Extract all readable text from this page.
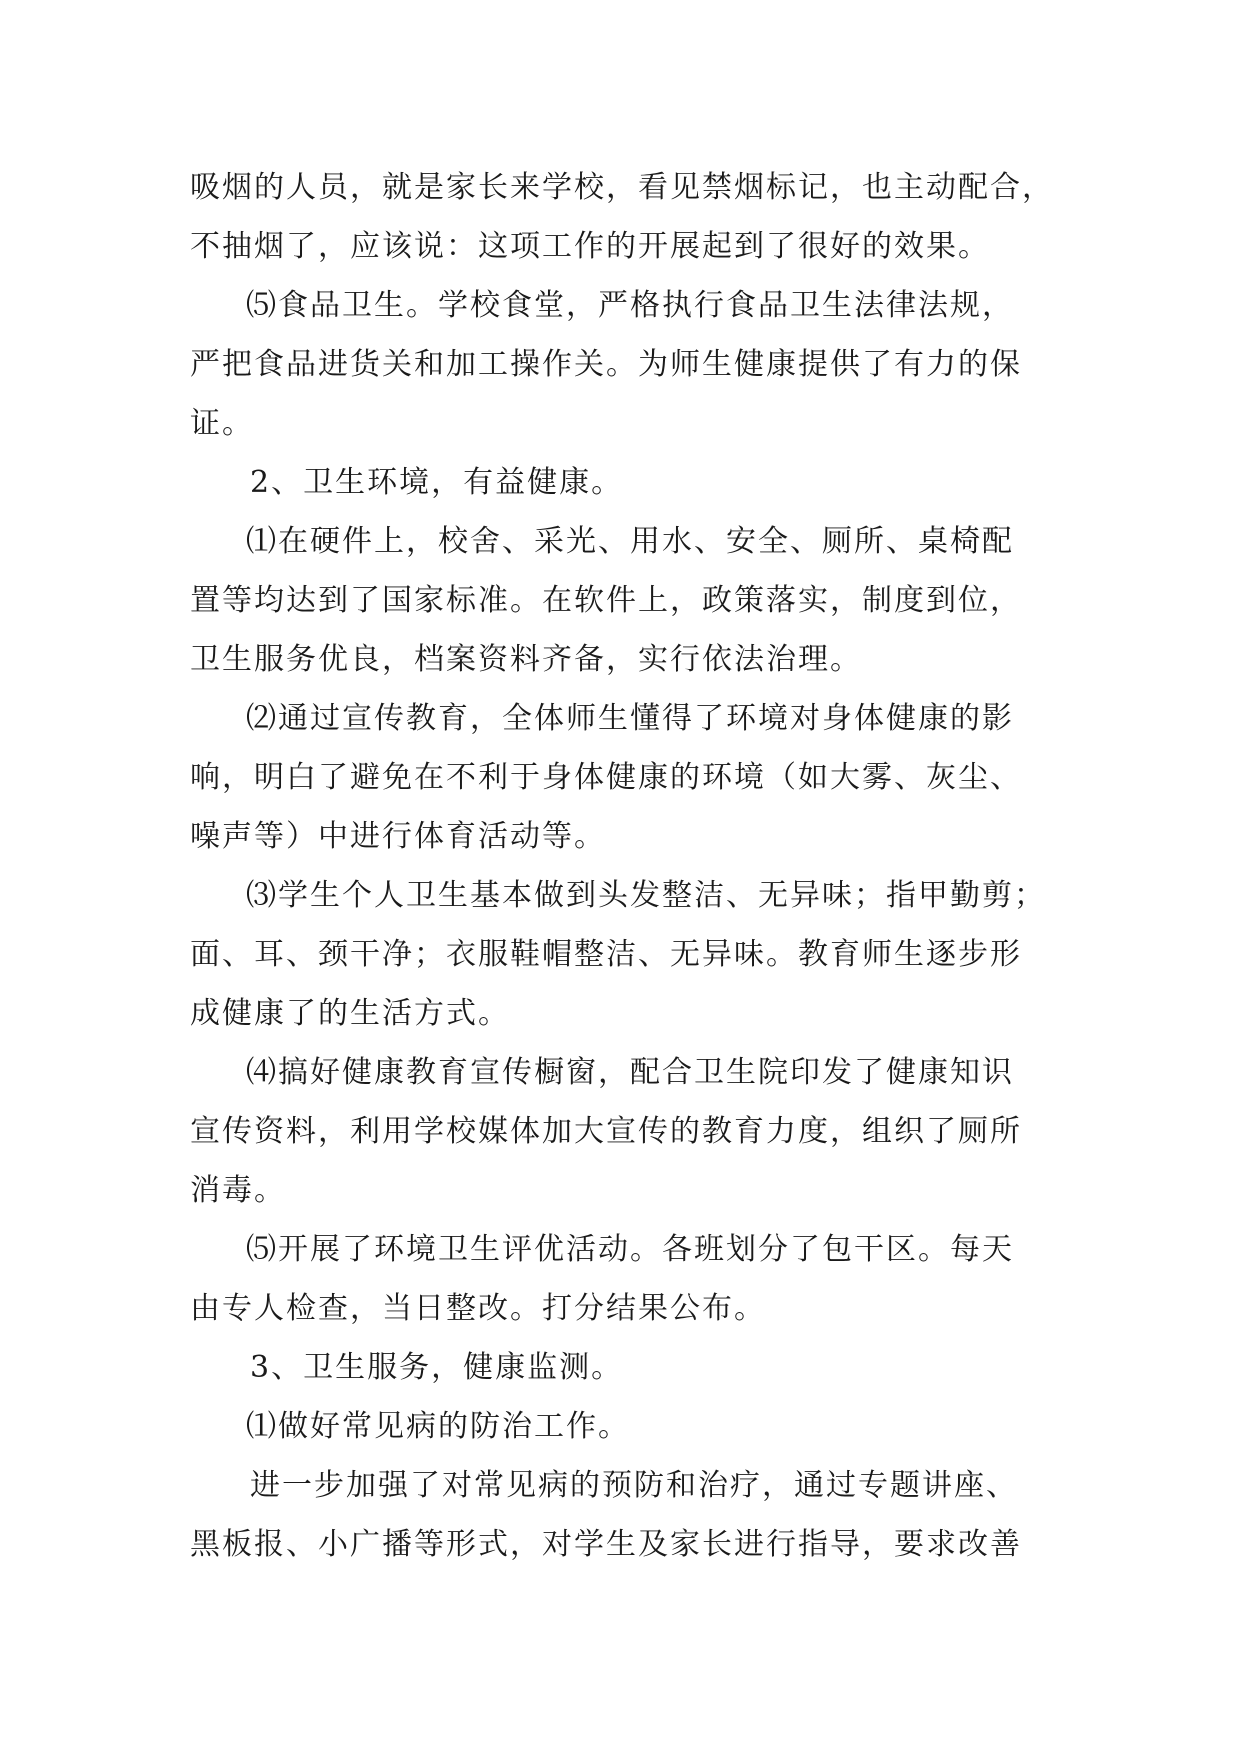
吸烟的人员，就是家长来学校，看见禁烟标记，也主动配合，

不抽烟了，应该说：这项工作的开展起到了很好的效果。

⑸食品卫生。学校食堂，严格执行食品卫生法律法规，

严把食品进货关和加工操作关。为师生健康提供了有力的保

证。

2、卫生环境，有益健康。

⑴在硬件上，校舍、采光、用水、安全、厕所、桌椅配

置等均达到了国家标准。在软件上，政策落实，制度到位，

卫生服务优良，档案资料齐备，实行依法治理。

⑵通过宣传教育，全体师生懂得了环境对身体健康的影

响，明白了避免在不利于身体健康的环境（如大雾、灰尘、

噪声等）中进行体育活动等。

⑶学生个人卫生基本做到头发整洁、无异味；指甲勤剪；

面、耳、颈干净；衣服鞋帽整洁、无异味。教育师生逐步形

成健康了的生活方式。

⑷搞好健康教育宣传橱窗，配合卫生院印发了健康知识

宣传资料，利用学校媒体加大宣传的教育力度，组织了厕所

消毒。

⑸开展了环境卫生评优活动。各班划分了包干区。每天

由专人检查，当日整改。打分结果公布。

3、卫生服务，健康监测。

⑴做好常见病的防治工作。

进一步加强了对常见病的预防和治疗，通过专题讲座、

黑板报、小广播等形式，对学生及家长进行指导，要求改善
